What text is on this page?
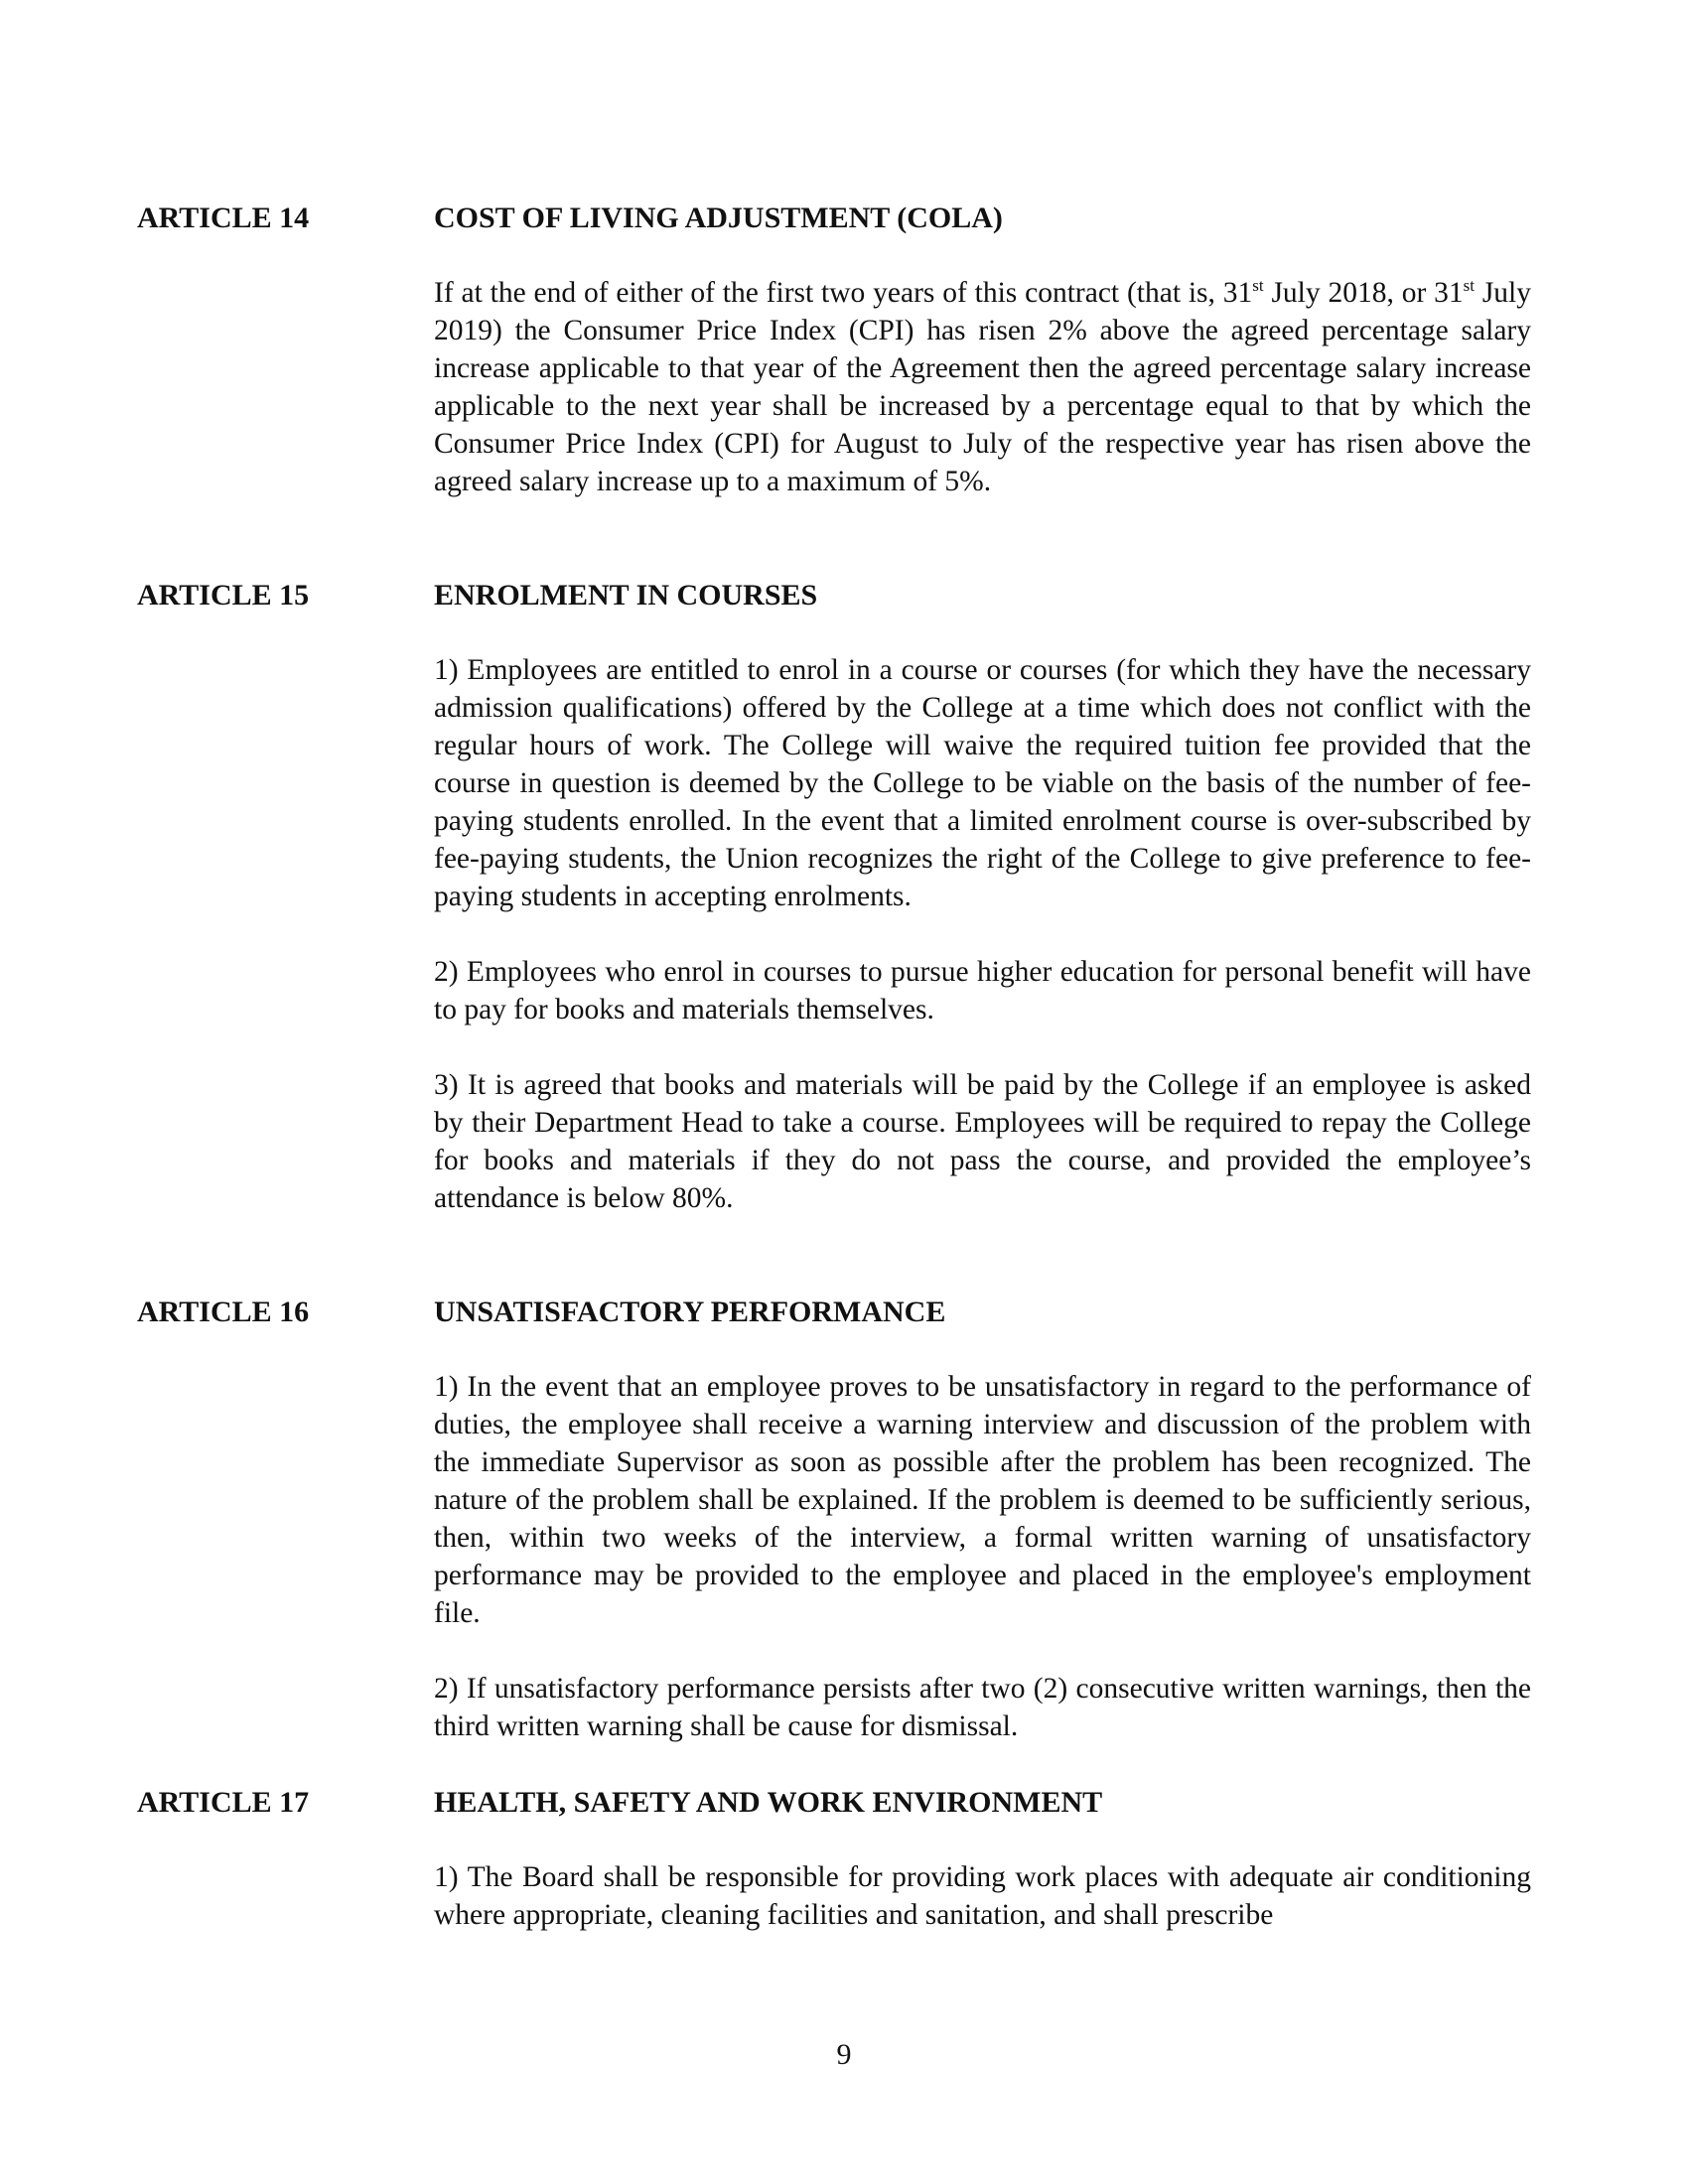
ARTICLE 14	COST OF LIVING ADJUSTMENT (COLA)

If at the end of either of the first two years of this contract (that is, 31st July 2018, or 31st July 2019) the Consumer Price Index (CPI) has risen 2% above the agreed percentage salary increase applicable to that year of the Agreement then the agreed percentage salary increase applicable to the next year shall be increased by a percentage equal to that by which the Consumer Price Index (CPI) for August to July of the respective year has risen above the agreed salary increase up to a maximum of 5%.

ARTICLE 15	ENROLMENT IN COURSES

1) Employees are entitled to enrol in a course or courses (for which they have the necessary admission qualifications) offered by the College at a time which does not conflict with the regular hours of work. The College will waive the required tuition fee provided that the course in question is deemed by the College to be viable on the basis of the number of fee-paying students enrolled. In the event that a limited enrolment course is over-subscribed by fee-paying students, the Union recognizes the right of the College to give preference to fee-paying students in accepting enrolments.

2) Employees who enrol in courses to pursue higher education for personal benefit will have to pay for books and materials themselves.

3) It is agreed that books and materials will be paid by the College if an employee is asked by their Department Head to take a course. Employees will be required to repay the College for books and materials if they do not pass the course, and provided the employee’s attendance is below 80%.

ARTICLE 16	UNSATISFACTORY PERFORMANCE

1) In the event that an employee proves to be unsatisfactory in regard to the performance of duties, the employee shall receive a warning interview and discussion of the problem with the immediate Supervisor as soon as possible after the problem has been recognized. The nature of the problem shall be explained. If the problem is deemed to be sufficiently serious, then, within two weeks of the interview, a formal written warning of unsatisfactory performance may be provided to the employee and placed in the employee's employment file.

2) If unsatisfactory performance persists after two (2) consecutive written warnings, then the third written warning shall be cause for dismissal.

ARTICLE 17	HEALTH, SAFETY AND WORK ENVIRONMENT

1) The Board shall be responsible for providing work places with adequate air conditioning where appropriate, cleaning facilities and sanitation, and shall prescribe

9
